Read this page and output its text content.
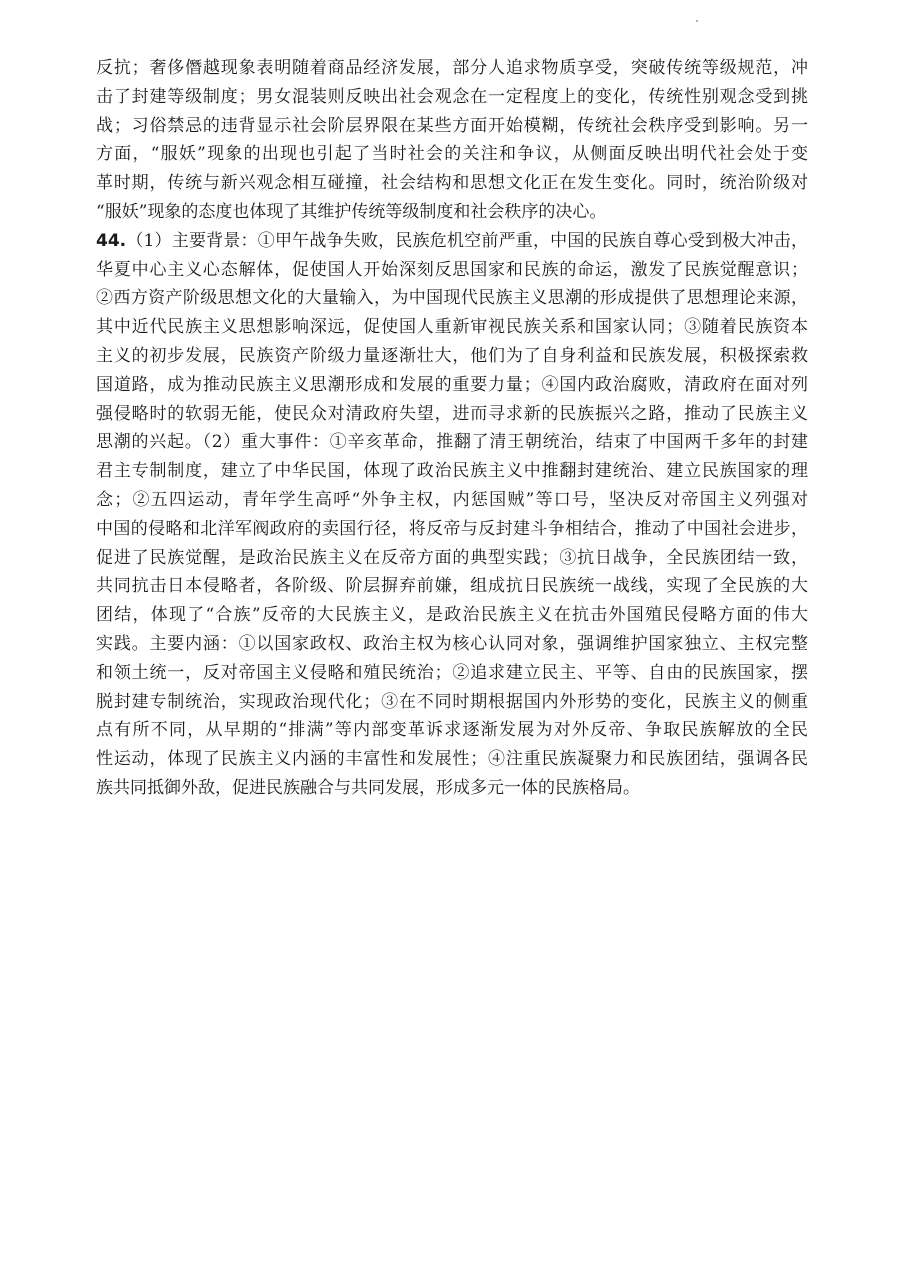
反抗；奢侈僭越现象表明随着商品经济发展，部分人追求物质享受，突破传统等级规范，冲
击了封建等级制度；男女混装则反映出社会观念在一定程度上的变化，传统性别观念受到挑
战；习俗禁忌的违背显示社会阶层界限在某些方面开始模糊，传统社会秩序受到影响。另一
方面，“服妖”现象的出现也引起了当时社会的关注和争议，从侧面反映出明代社会处于变
革时期，传统与新兴观念相互碰撞，社会结构和思想文化正在发生变化。同时，统治阶级对
“服妖”现象的态度也体现了其维护传统等级制度和社会秩序的决心。
44.（1）主要背景：①甲午战争失败，民族危机空前严重，中国的民族自尊心受到极大冲击，
华夏中心主义心态解体，促使国人开始深刻反思国家和民族的命运，激发了民族觉醒意识；
②西方资产阶级思想文化的大量输入，为中国现代民族主义思潮的形成提供了思想理论来源，
其中近代民族主义思想影响深远，促使国人重新审视民族关系和国家认同；③随着民族资本
主义的初步发展，民族资产阶级力量逐渐壮大，他们为了自身利益和民族发展，积极探索救
国道路，成为推动民族主义思潮形成和发展的重要力量；④国内政治腐败，清政府在面对列
强侵略时的软弱无能，使民众对清政府失望，进而寻求新的民族振兴之路，推动了民族主义
思潮的兴起。（2）重大事件：①辛亥革命，推翻了清王朝统治，结束了中国两千多年的封建
君主专制制度，建立了中华民国，体现了政治民族主义中推翻封建统治、建立民族国家的理
念；②五四运动，青年学生高呼“外争主权，内惩国贼”等口号，坚决反对帝国主义列强对
中国的侵略和北洋军阀政府的卖国行径，将反帝与反封建斗争相结合，推动了中国社会进步，
促进了民族觉醒，是政治民族主义在反帝方面的典型实践；③抗日战争，全民族团结一致，
共同抗击日本侵略者，各阶级、阶层摒弃前嫌，组成抗日民族统一战线，实现了全民族的大
团结，体现了“合族”反帝的大民族主义，是政治民族主义在抗击外国殖民侵略方面的伟大
实践。主要内涵：①以国家政权、政治主权为核心认同对象，强调维护国家独立、主权完整
和领土统一，反对帝国主义侵略和殖民统治；②追求建立民主、平等、自由的民族国家，摆
脱封建专制统治，实现政治现代化；③在不同时期根据国内外形势的变化，民族主义的侧重
点有所不同，从早期的“排满”等内部变革诉求逐渐发展为对外反帝、争取民族解放的全民
性运动，体现了民族主义内涵的丰富性和发展性；④注重民族凝聚力和民族团结，强调各民
族共同抵御外敌，促进民族融合与共同发展，形成多元一体的民族格局。
